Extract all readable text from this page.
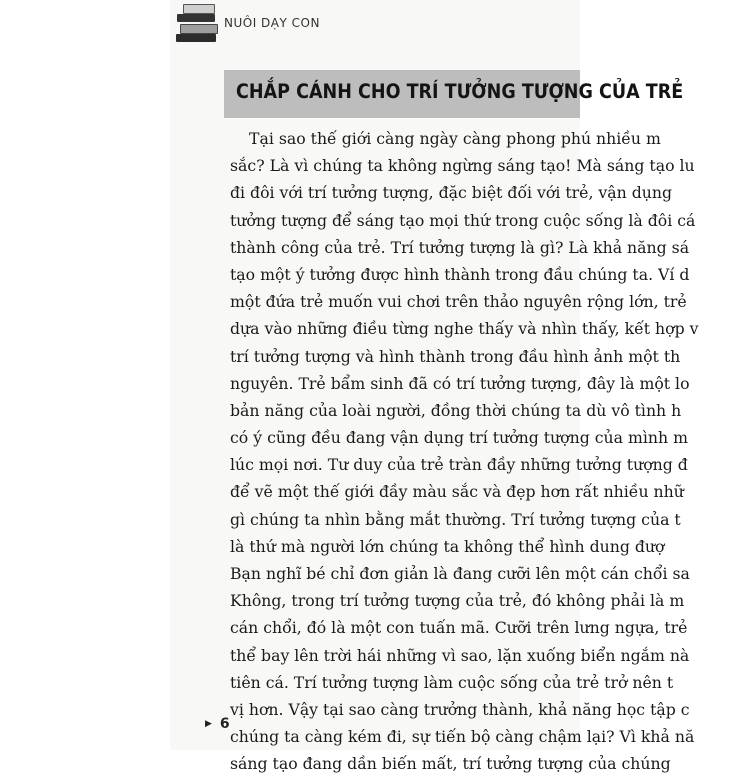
NUÔI DẠY CON
CHẮP CÁNH CHO TRÍ TƯỞNG TƯỢNG CỦA TRẺ
Tại sao thế giới càng ngày càng phong phú nhiều m
sắc? Là vì chúng ta không ngừng sáng tạo! Mà sáng tạo lu
đi đôi với trí tưởng tượng, đặc biệt đối với trẻ, vận dụng
tưởng tượng để sáng tạo mọi thứ trong cuộc sống là đôi cá
thành công của trẻ. Trí tưởng tượng là gì? Là khả năng sá
tạo một ý tưởng được hình thành trong đầu chúng ta. Ví d
một đứa trẻ muốn vui chơi trên thảo nguyên rộng lớn, trẻ
dựa vào những điều từng nghe thấy và nhìn thấy, kết hợp v
trí tưởng tượng và hình thành trong đầu hình ảnh một th
nguyên. Trẻ bẩm sinh đã có trí tưởng tượng, đây là một lo
bản năng của loài người, đồng thời chúng ta dù vô tình h
có ý cũng đều đang vận dụng trí tưởng tượng của mình m
lúc mọi nơi. Tư duy của trẻ tràn đầy những tưởng tượng đ
để vẽ một thế giới đầy màu sắc và đẹp hơn rất nhiều nhữ
gì chúng ta nhìn bằng mắt thường. Trí tưởng tượng của t
là thứ mà người lớn chúng ta không thể hình dung đượ
Bạn nghĩ bé chỉ đơn giản là đang cưỡi lên một cán chổi sa
Không, trong trí tưởng tượng của trẻ, đó không phải là m
cán chổi, đó là một con tuấn mã. Cưỡi trên lưng ngựa, trẻ
thể bay lên trời hái những vì sao, lặn xuống biển ngắm nà
tiên cá. Trí tưởng tượng làm cuộc sống của trẻ trở nên t
vị hơn. Vậy tại sao càng trưởng thành, khả năng học tập c
chúng ta càng kém đi, sự tiến bộ càng chậm lại? Vì khả nă
sáng tạo đang dần biến mất, trí tưởng tượng của chúng
▶ 6
